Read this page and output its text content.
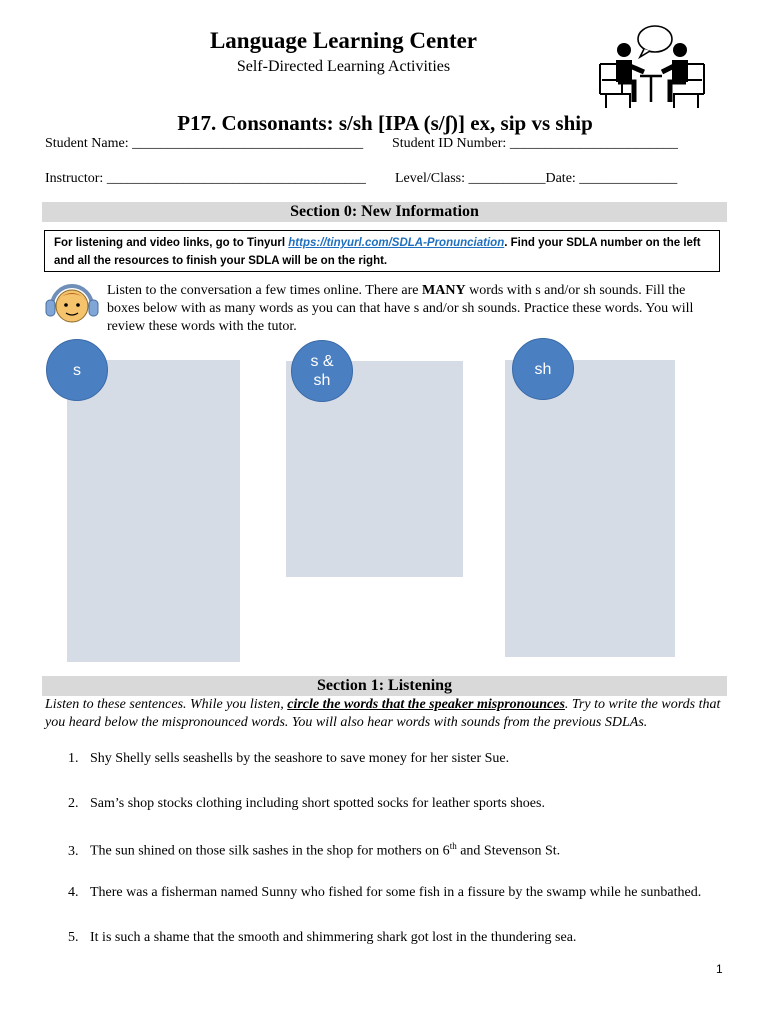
Language Learning Center
Self-Directed Learning Activities
P17. Consonants: s/sh [IPA (s/ʃ)] ex, sip vs ship
Student Name: _________________________________ Student ID Number: ________________________
Instructor: _____________________________________ Level/Class: ___________Date: ______________
Section 0: New Information
For listening and video links, go to Tinyurl https://tinyurl.com/SDLA-Pronunciation. Find your SDLA number on the left and all the resources to finish your SDLA will be on the right.
Listen to the conversation a few times online. There are MANY words with s and/or sh sounds. Fill the boxes below with as many words as you can that have s and/or sh sounds. Practice these words. You will review these words with the tutor.
s	s &
sh
sh
Section 1: Listening
Listen to these sentences. While you listen, circle the words that the speaker mispronounces. Try to write the words that you heard below the mispronounced words. You will also hear words with sounds from the previous SDLAs.
1. Shy Shelly sells seashells by the seashore to save money for her sister Sue.
2. Sam’s shop stocks clothing including short spotted socks for leather sports shoes.
3. The sun shined on those silk sashes in the shop for mothers on 6th and Stevenson St.
4. There was a fisherman named Sunny who fished for some fish in a fissure by the swamp while he sunbathed.
5. It is such a shame that the smooth and shimmering shark got lost in the thundering sea.
1
